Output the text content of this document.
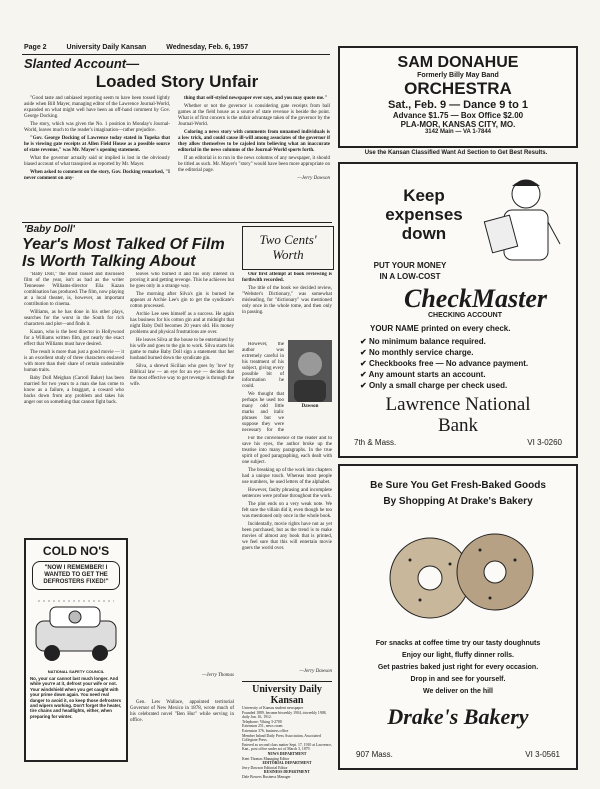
Page 2	University Daily Kansan	Wednesday, Feb. 6, 1957
Slanted Account—
Loaded Story Unfair

"Good taste and unbiased reporting seem to have been tossed lightly aside when Bill Mayer, managing editor of the Lawrence Journal-World, expanded on what might well have been an off-hand comment by Gov. George Docking.

The story, which was given the No. 1 position in Monday's Journal-World, leaves much to the reader's imagination—rather prejudice.

"Gov. George Docking of Lawrence today stated in Topeka that he is viewing gate receipts at Allen Field House as a possible source of state revenue," was Mr. Mayer's opening statement.

What the governor actually said or implied is lost in the obviously biased account of what transpired as reported by Mr. Mayer.

When asked to comment on the story, Gov. Docking remarked, "I never comment on any-

thing that self-styled newspaper ever says, and you may quote me."

Whether or not the governor is considering gate receipts from ball games at the field house as a source of state revenue is beside the point. What is of first concern is the unfair advantage taken of the governor by the Journal-World.

Coloring a news story with comments from unnamed individuals is a low trick, and could cause ill-will among associates of the governor if they allow themselves to be cajoled into believing what an inaccurate editorial in the news columns of the Journal-World sports forth.

If an editorial is to run in the news columns of any newspaper, it should be titled as such. Mr. Mayer's "story" would have been more appropriate on the editorial page.

—Jerry Dawson
'Baby Doll'
Year's Most Talked Of Film
Is Worth Talking About

"Baby Doll," the most cussed and discussed film of the year, isn't as bad as the writer Tennessee Williams-director Elia Kazan combination has produced. The film, now playing at a local theater, is, however, an important contribution to cinema.

Williams, as he has done in his other plays, searches for the worst in the South for rich characters and plot—and finds it.

Kazan, who is the best director in Hollywood for a Williams written film, got nearly the exact effect that Williams must have desired.

The result is more than just a good movie — it is an excellent study of three characters enslaved with more than their share of certain undesirable human traits.

Baby Doll Meighan (Carroll Baker) has been married for two years to a man she has come to know as a failure, a braggart, a coward who backs down from any problem and takes his anger out on something that cannot fight back.

leaves who burned it and his only interest in proving it and getting revenge. This he achieves but he goes only in a strange way.

The morning after Silva's gin is burned he appears at Archie Lee's gin to get the syndicate's cotton processed.

Archie Lee sees himself as a success. He again has business for his cotton gin and at midnight that night Baby Doll becomes 20 years old. His money problems and physical frustrations are over.

He leaves Silva at the house to be entertained by his wife and goes to the gin to work. Silva starts his game to make Baby Doll sign a statement that her husband burned down the syndicate gin.

Silva, a shrewd Sicilian who goes by 'love' by Biblical law — an eye for an eye — decides that the most effective way to get revenge is through the wife.

—Jerry Thomas
COLD NO'S
"NOW I REMEMBER! I WANTED TO GET THE DEFROSTERS FIXED!"
NATIONAL SAFETY COUNCIL
No, your car cannot last much longer. And while you're at it, defrost your wife or not. Your windshield when you get caught with your prime down again. You need real danger to avoid it, so keep those defrosters and wipers working. Don't forget the heater, tire chains and headlights, either, when preparing for winter.
Two Cents'
Worth

Our first attempt at book reviewing is forthwith recorded.

The title of the book we decided review, "Webster's Dictionary," was somewhat misleading, for "dictionary" was mentioned only once in the whole tome, and then only in passing.

However, the author was extremely careful in his treatment of his subject, giving every possible bit of information he could.

We thought that perhaps he used too many odd little marks and italic phrases but we suppose they were necessary for the

Dawson

For the convenience of the reader and to save his eyes, the author broke up the treatise into many paragraphs. In the true spirit of good paragraphing, each dealt with one subject.

The breaking up of the work into chapters had a unique touch. Whereas most people use numbers, he used letters of the alphabet.

However, faulty phrasing and incomplete sentences were profuse throughout the work.

The plot ends on a very weak note. We felt sure the villain did it, even though he too was mentioned only once in the whole book.

Incidentally, movie rights have not as yet been purchased, but as the trend is to make movies of almost any book that is printed, we feel sure that this will entertain movie goers the world over.

—Jerry Dawson
University Daily Kansan
University of Kansas student newspaper
Founded 1889, became biweekly 1904, triweekly 1908, daily Jan. 16, 1912.
Telephone: Viking 3-2700
Extension 251, news room
Extension 376, business office
Member Inland Daily Press Association, Associated Collegiate Press.
Entered as second class matter Sept. 17, 1910 at Lawrence, Kan., post office under act of March 3, 1879.
NEWS DEPARTMENT
Kent Thomas Managing Editor
EDITORIAL DEPARTMENT
Jerry Dawson Editorial Editor
BUSINESS DEPARTMENT
Dale Bowers Business Manager

Gen. Lew Wallace, appointed territorial Governor of New Mexico in 1878, wrote much of his celebrated novel "Ben Hur" while serving in office.

SAM DONAHUE
Formerly Billy May Band
ORCHESTRA
Sat., Feb. 9 — Dance 9 to 1
Advance $1.75 — Box Office $2.00
PLA-MOR, KANSAS CITY, MO.
3142 Main — VA 1-7844
Use the Kansan Classified Want Ad Section to Get Best Results.
Keep
expenses
down
PUT YOUR MONEY
IN A LOW-COST
CheckMaster
CHECKING ACCOUNT
YOUR NAME printed on every check.
✔ No minimum balance required.
✔ No monthly service charge.
✔ Checkbooks free — No advance payment.
✔ Any amount starts an account.
✔ Only a small charge per check used.
Lawrence National
Bank
7th & Mass.	VI 3-0260
Be Sure You Get Fresh-Baked Goods
By Shopping At Drake's Bakery
For snacks at coffee time try our tasty doughnuts
Enjoy our light, fluffy dinner rolls.
Get pastries baked just right for every occasion.
Drop in and see for yourself.
We deliver on the hill
Drake's Bakery
907 Mass.	VI 3-0561
